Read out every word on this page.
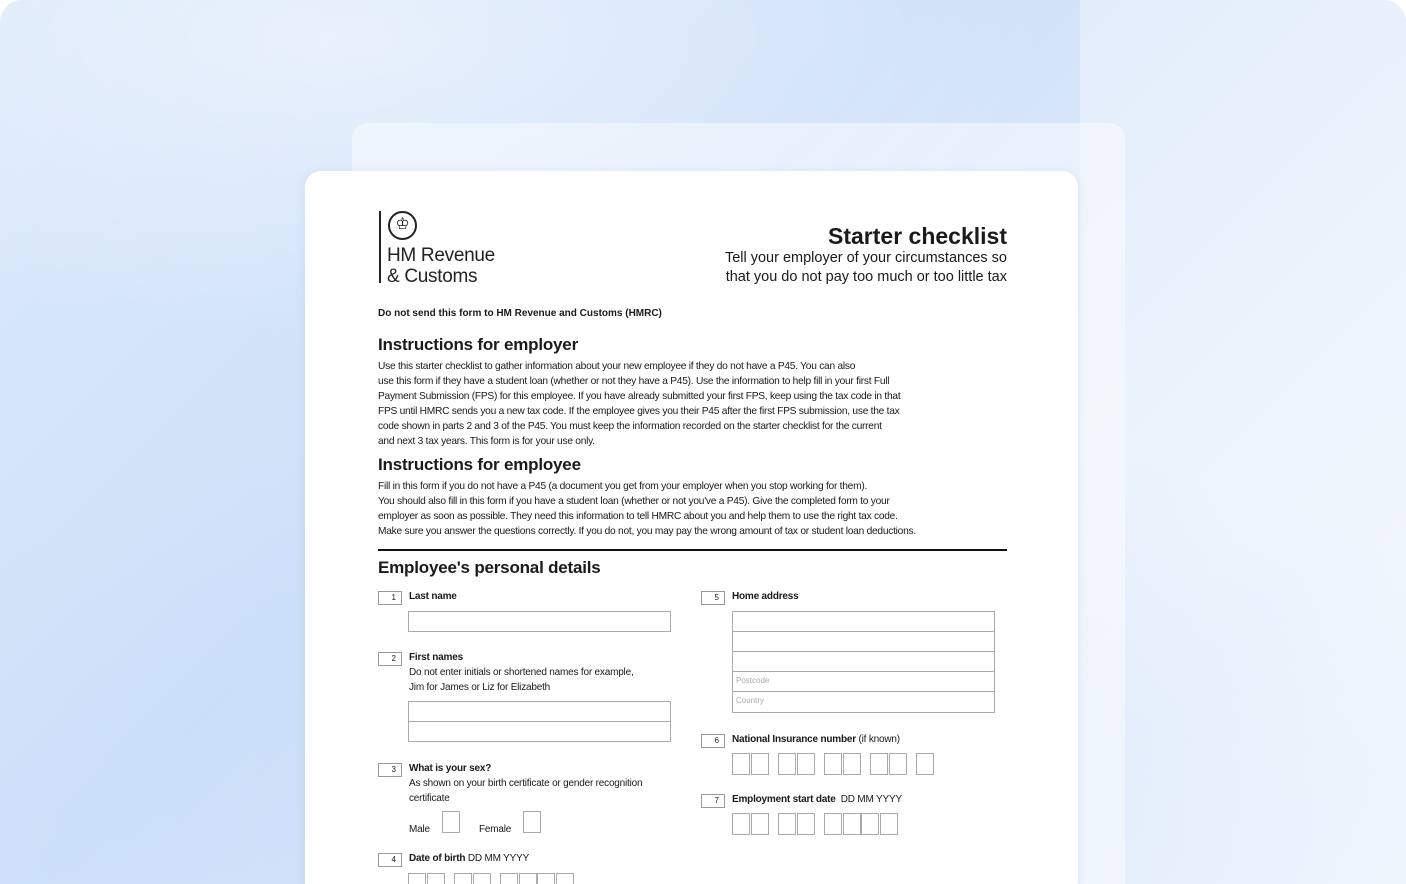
♔
HM Revenue
& Customs
Starter checklist
Tell your employer of your circumstances so
that you do not pay too much or too little tax
Do not send this form to HM Revenue and Customs (HMRC)
Instructions for employer
Use this starter checklist to gather information about your new employee if they do not have a P45. You can also
use this form if they have a student loan (whether or not they have a P45). Use the information to help fill in your first Full
Payment Submission (FPS) for this employee. If you have already submitted your first FPS, keep using the tax code in that
FPS until HMRC sends you a new tax code. If the employee gives you their P45 after the first FPS submission, use the tax
code shown in parts 2 and 3 of the P45. You must keep the information recorded on the starter checklist for the current
and next 3 tax years. This form is for your use only.
Instructions for employee
Fill in this form if you do not have a P45 (a document you get from your employer when you stop working for them).
You should also fill in this form if you have a student loan (whether or not you've a P45). Give the completed form to your
employer as soon as possible. They need this information to tell HMRC about you and help them to use the right tax code.
Make sure you answer the questions correctly. If you do not, you may pay the wrong amount of tax or student loan deductions.
Employee's personal details
1	Last name
2	First names
Do not enter initials or shortened names for example,
Jim for James or Liz for Elizabeth
3	What is your sex?
As shown on your birth certificate or gender recognition
certificate
Male	Female
4	Date of birth DD MM YYYY
5	Home address
Postcode
Country
6	National Insurance number (if known)
7	Employment start date DD MM YYYY
